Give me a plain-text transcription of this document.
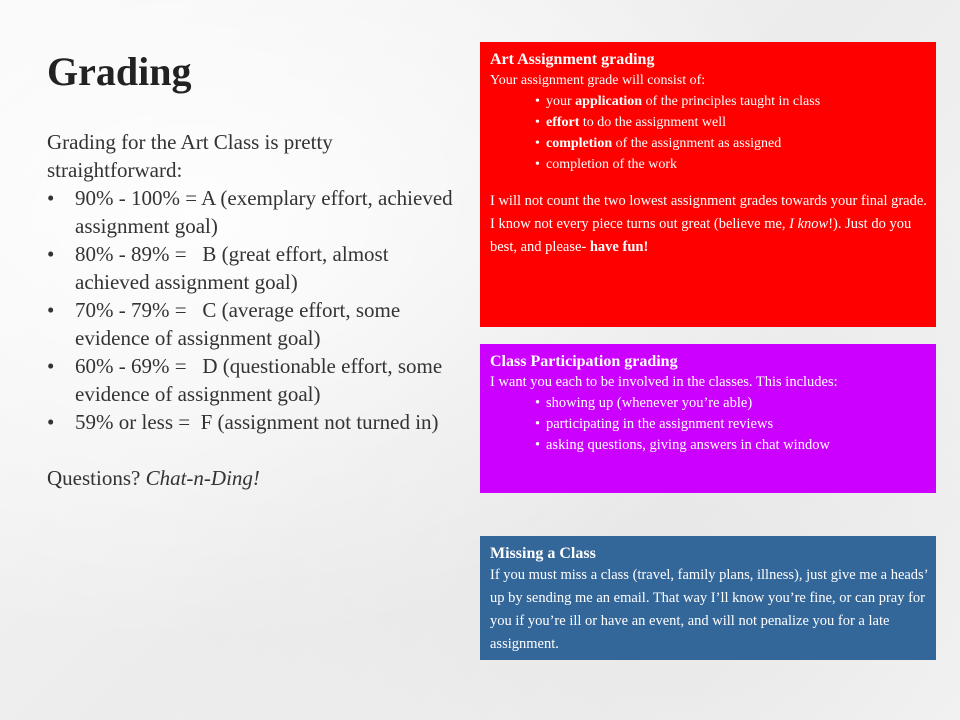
Grading

Grading for the Art Class is pretty straightforward:

• 90% - 100% = A (exemplary effort, achieved assignment goal)
• 80% - 89% =   B (great effort, almost achieved assignment goal)
• 70% - 79% =   C (average effort, some evidence of assignment goal)
• 60% - 69% =   D (questionable effort, some evidence of assignment goal)
• 59% or less =  F (assignment not turned in)

Questions? Chat-n-Ding!

Art Assignment grading

Your assignment grade will consist of:

• your application of the principles taught in class
• effort to do the assignment well
• completion of the assignment as assigned
• completion of the work

I will not count the two lowest assignment grades towards your final grade. I know not every piece turns out great (believe me, I know!). Just do you best, and please- have fun!

Class Participation grading

I want you each to be involved in the classes. This includes:

• showing up (whenever you’re able)
• participating in the assignment reviews
• asking questions, giving answers in chat window
Missing a Class

If you must miss a class (travel, family plans, illness), just give me a heads’ up by sending me an email. That way I’ll know you’re fine, or can pray for you if you’re ill or have an event, and will not penalize you for a late assignment.
